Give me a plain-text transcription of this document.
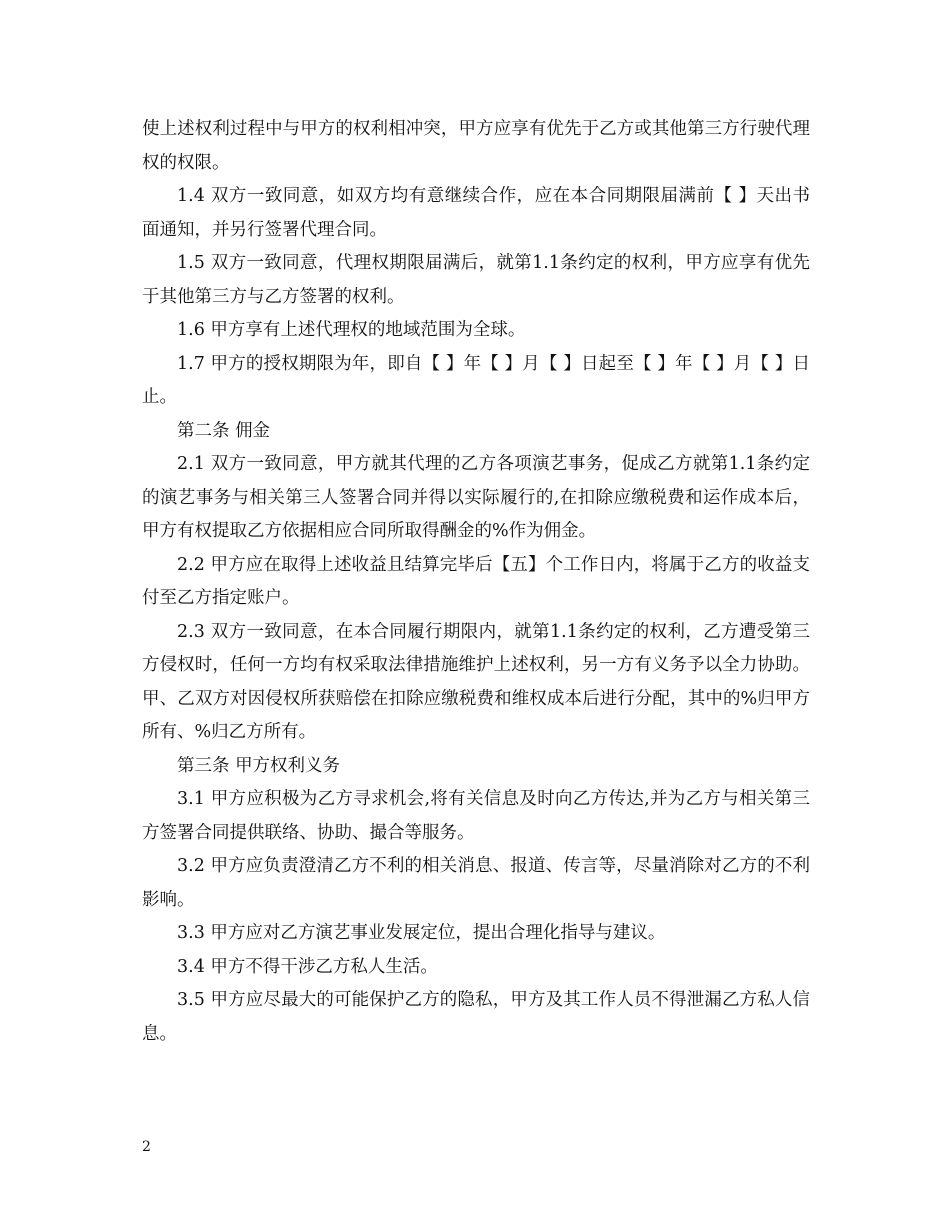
使上述权利过程中与甲方的权利相冲突，甲方应享有优先于乙方或其他第三方行驶代理权的权限。

1.4 双方一致同意，如双方均有意继续合作，应在本合同期限届满前【 】天出书面通知，并另行签署代理合同。

1.5 双方一致同意，代理权期限届满后，就第1.1条约定的权利，甲方应享有优先于其他第三方与乙方签署的权利。

1.6 甲方享有上述代理权的地域范围为全球。

1.7 甲方的授权期限为年，即自【 】年【 】月【 】日起至【 】年【 】月【 】日止。

第二条 佣金

2.1 双方一致同意，甲方就其代理的乙方各项演艺事务，促成乙方就第1.1条约定的演艺事务与相关第三人签署合同并得以实际履行的,在扣除应缴税费和运作成本后，甲方有权提取乙方依据相应合同所取得酬金的%作为佣金。

2.2 甲方应在取得上述收益且结算完毕后【五】个工作日内，将属于乙方的收益支付至乙方指定账户。

2.3 双方一致同意，在本合同履行期限内，就第1.1条约定的权利，乙方遭受第三方侵权时，任何一方均有权采取法律措施维护上述权利，另一方有义务予以全力协助。甲、乙双方对因侵权所获赔偿在扣除应缴税费和维权成本后进行分配，其中的%归甲方所有、%归乙方所有。

第三条 甲方权利义务

3.1 甲方应积极为乙方寻求机会,将有关信息及时向乙方传达,并为乙方与相关第三方签署合同提供联络、协助、撮合等服务。

3.2 甲方应负责澄清乙方不利的相关消息、报道、传言等，尽量消除对乙方的不利影响。

3.3 甲方应对乙方演艺事业发展定位，提出合理化指导与建议。

3.4 甲方不得干涉乙方私人生活。

3.5 甲方应尽最大的可能保护乙方的隐私，甲方及其工作人员不得泄漏乙方私人信息。

2
